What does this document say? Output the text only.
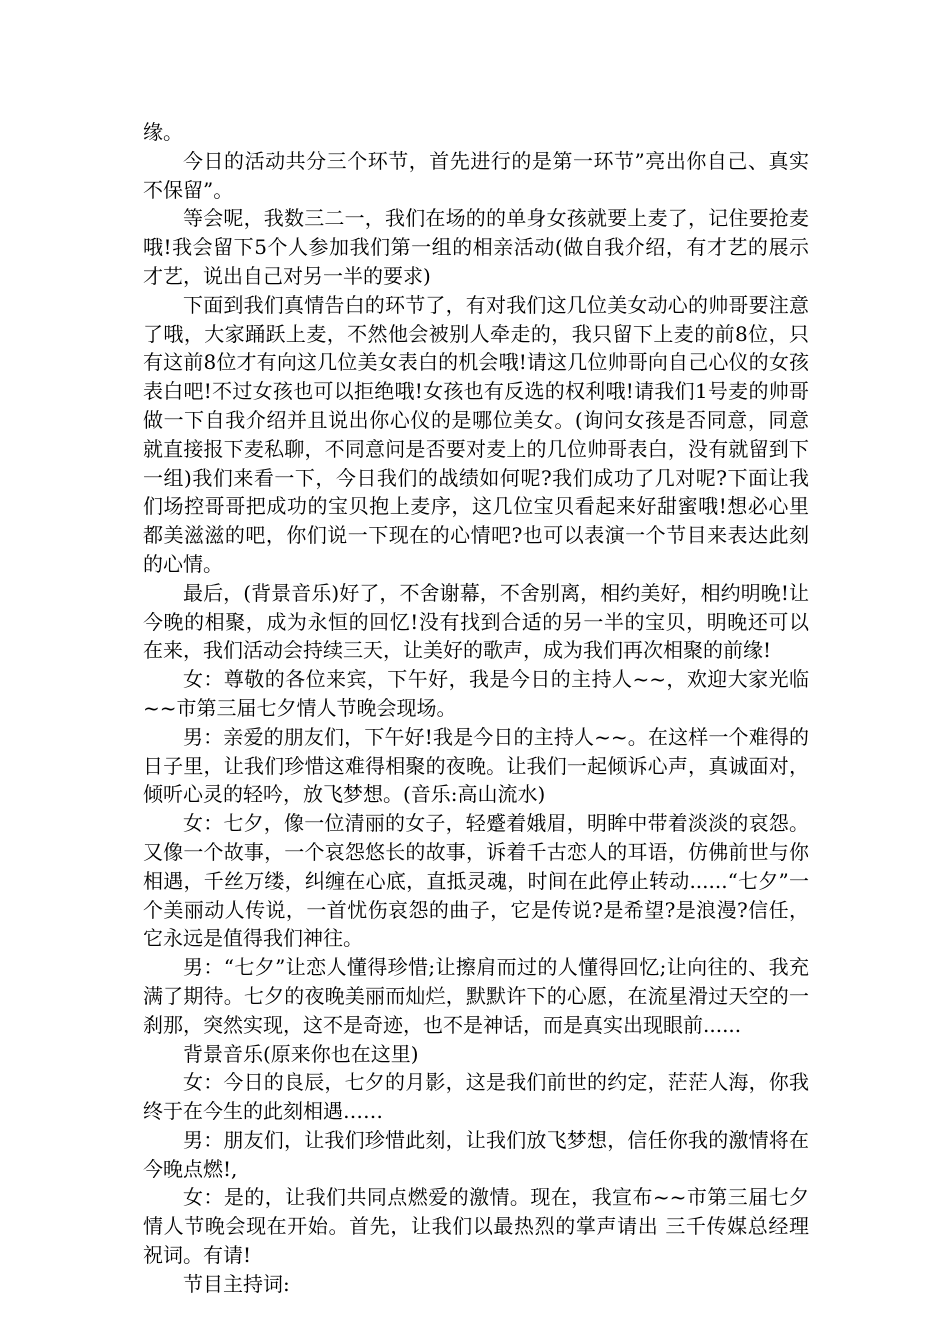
缘。

今日的活动共分三个环节，首先进行的是第一环节”亮出你自己、真实不保留”。

等会呢，我数三二一，我们在场的的单身女孩就要上麦了，记住要抢麦哦!我会留下5个人参加我们第一组的相亲活动(做自我介绍，有才艺的展示才艺，说出自己对另一半的要求)

下面到我们真情告白的环节了，有对我们这几位美女动心的帅哥要注意了哦，大家踊跃上麦，不然他会被别人牵走的，我只留下上麦的前8位，只有这前8位才有向这几位美女表白的机会哦!请这几位帅哥向自己心仪的女孩表白吧!不过女孩也可以拒绝哦!女孩也有反选的权利哦!请我们1号麦的帅哥做一下自我介绍并且说出你心仪的是哪位美女。(询问女孩是否同意，同意就直接报下麦私聊，不同意问是否要对麦上的几位帅哥表白，没有就留到下一组)我们来看一下，今日我们的战绩如何呢?我们成功了几对呢?下面让我们场控哥哥把成功的宝贝抱上麦序，这几位宝贝看起来好甜蜜哦!想必心里都美滋滋的吧，你们说一下现在的心情吧?也可以表演一个节目来表达此刻的心情。

最后，(背景音乐)好了，不舍谢幕，不舍别离，相约美好，相约明晚!让今晚的相聚，成为永恒的回忆!没有找到合适的另一半的宝贝，明晚还可以在来，我们活动会持续三天，让美好的歌声，成为我们再次相聚的前缘!

女：尊敬的各位来宾，下午好，我是今日的主持人~~，欢迎大家光临~~市第三届七夕情人节晚会现场。

男：亲爱的朋友们，下午好!我是今日的主持人~~。在这样一个难得的日子里，让我们珍惜这难得相聚的夜晚。让我们一起倾诉心声，真诚面对，倾听心灵的轻吟，放飞梦想。(音乐:高山流水)

女：七夕，像一位清丽的女子，轻蹙着娥眉，明眸中带着淡淡的哀怨。又像一个故事，一个哀怨悠长的故事，诉着千古恋人的耳语，仿佛前世与你相遇，千丝万缕，纠缠在心底，直抵灵魂，时间在此停止转动......“七夕”一个美丽动人传说，一首忧伤哀怨的曲子，它是传说?是希望?是浪漫?信任，它永远是值得我们神往。

男：“七夕”让恋人懂得珍惜;让擦肩而过的人懂得回忆;让向往的、我充满了期待。七夕的夜晚美丽而灿烂，默默许下的心愿，在流星滑过天空的一刹那，突然实现，这不是奇迹，也不是神话，而是真实出现眼前......

背景音乐(原来你也在这里)

女：今日的良辰，七夕的月影，这是我们前世的约定，茫茫人海，你我终于在今生的此刻相遇……

男：朋友们，让我们珍惜此刻，让我们放飞梦想，信任你我的激情将在今晚点燃!,

女：是的，让我们共同点燃爱的激情。现在，我宣布~~市第三届七夕情人节晚会现在开始。首先，让我们以最热烈的掌声请出 三千传媒总经理 祝词。有请!

节目主持词:
